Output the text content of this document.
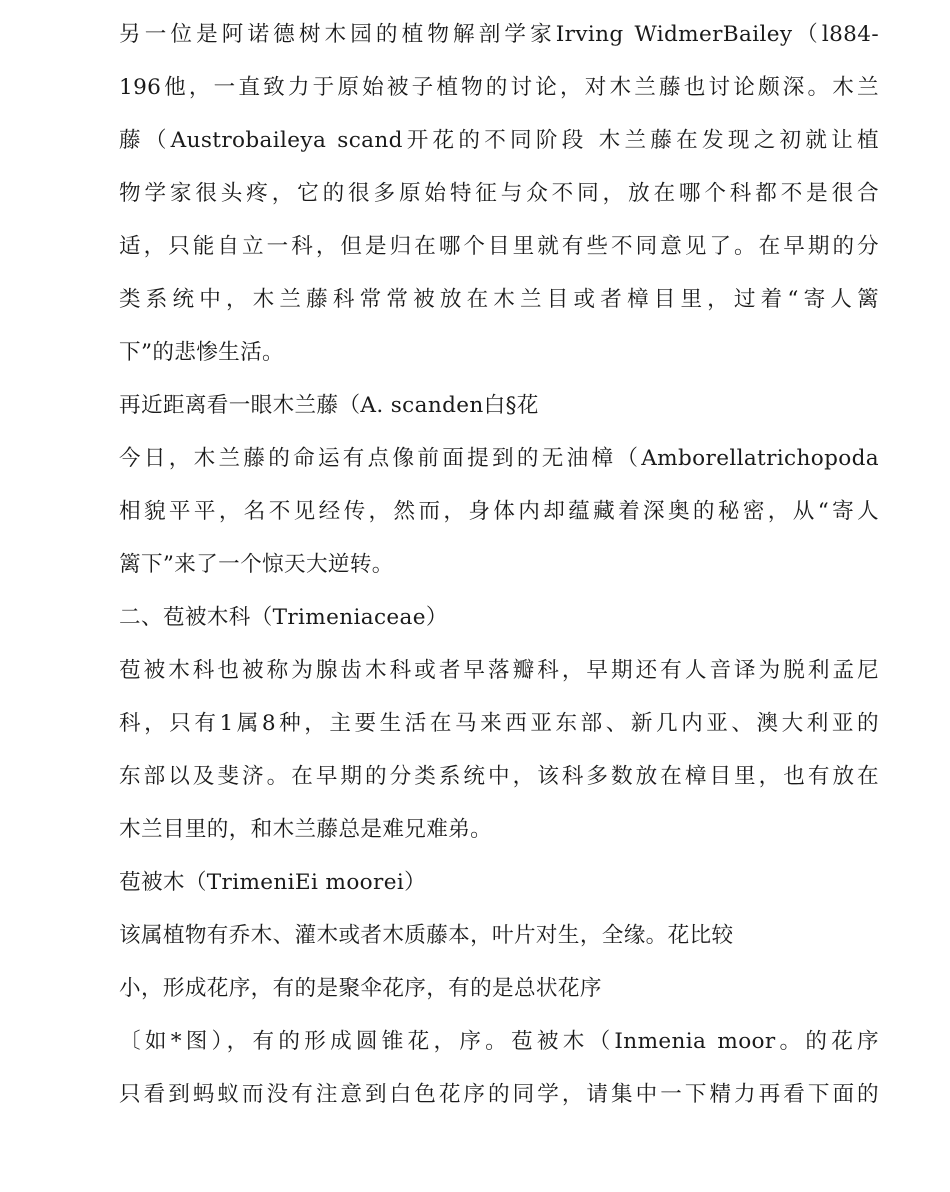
另一位是阿诺德树木园的植物解剖学家Irving WidmerBailey（l884-
196他，一直致力于原始被子植物的讨论，对木兰藤也讨论颇深。木兰
藤（Austrobaileya scand开花的不同阶段 木兰藤在发现之初就让植
物学家很头疼，它的很多原始特征与众不同，放在哪个科都不是很合
适，只能自立一科，但是归在哪个目里就有些不同意见了。在早期的分
类系统中，木兰藤科常常被放在木兰目或者樟目里，过着“寄人篱
下”的悲惨生活。
再近距离看一眼木兰藤（A. scanden白§花
今日，木兰藤的命运有点像前面提到的无油樟（Amborellatrichopoda
相貌平平，名不见经传，然而，身体内却蕴藏着深奥的秘密，从“寄人
篱下”来了一个惊天大逆转。
二、苞被木科（Trimeniaceae）
苞被木科也被称为腺齿木科或者早落瓣科，早期还有人音译为脱利孟尼
科，只有1属8种，主要生活在马来西亚东部、新几内亚、澳大利亚的
东部以及斐济。在早期的分类系统中，该科多数放在樟目里，也有放在
木兰目里的，和木兰藤总是难兄难弟。
苞被木（TrimeniEi moorei）
该属植物有乔木、灌木或者木质藤本，叶片对生，全缘。花比较
小，形成花序，有的是聚伞花序，有的是总状花序
〔如*图），有的形成圆锥花，序。苞被木（Inmenia moor。的花序
只看到蚂蚁而没有注意到白色花序的同学，请集中一下精力再看下面的
